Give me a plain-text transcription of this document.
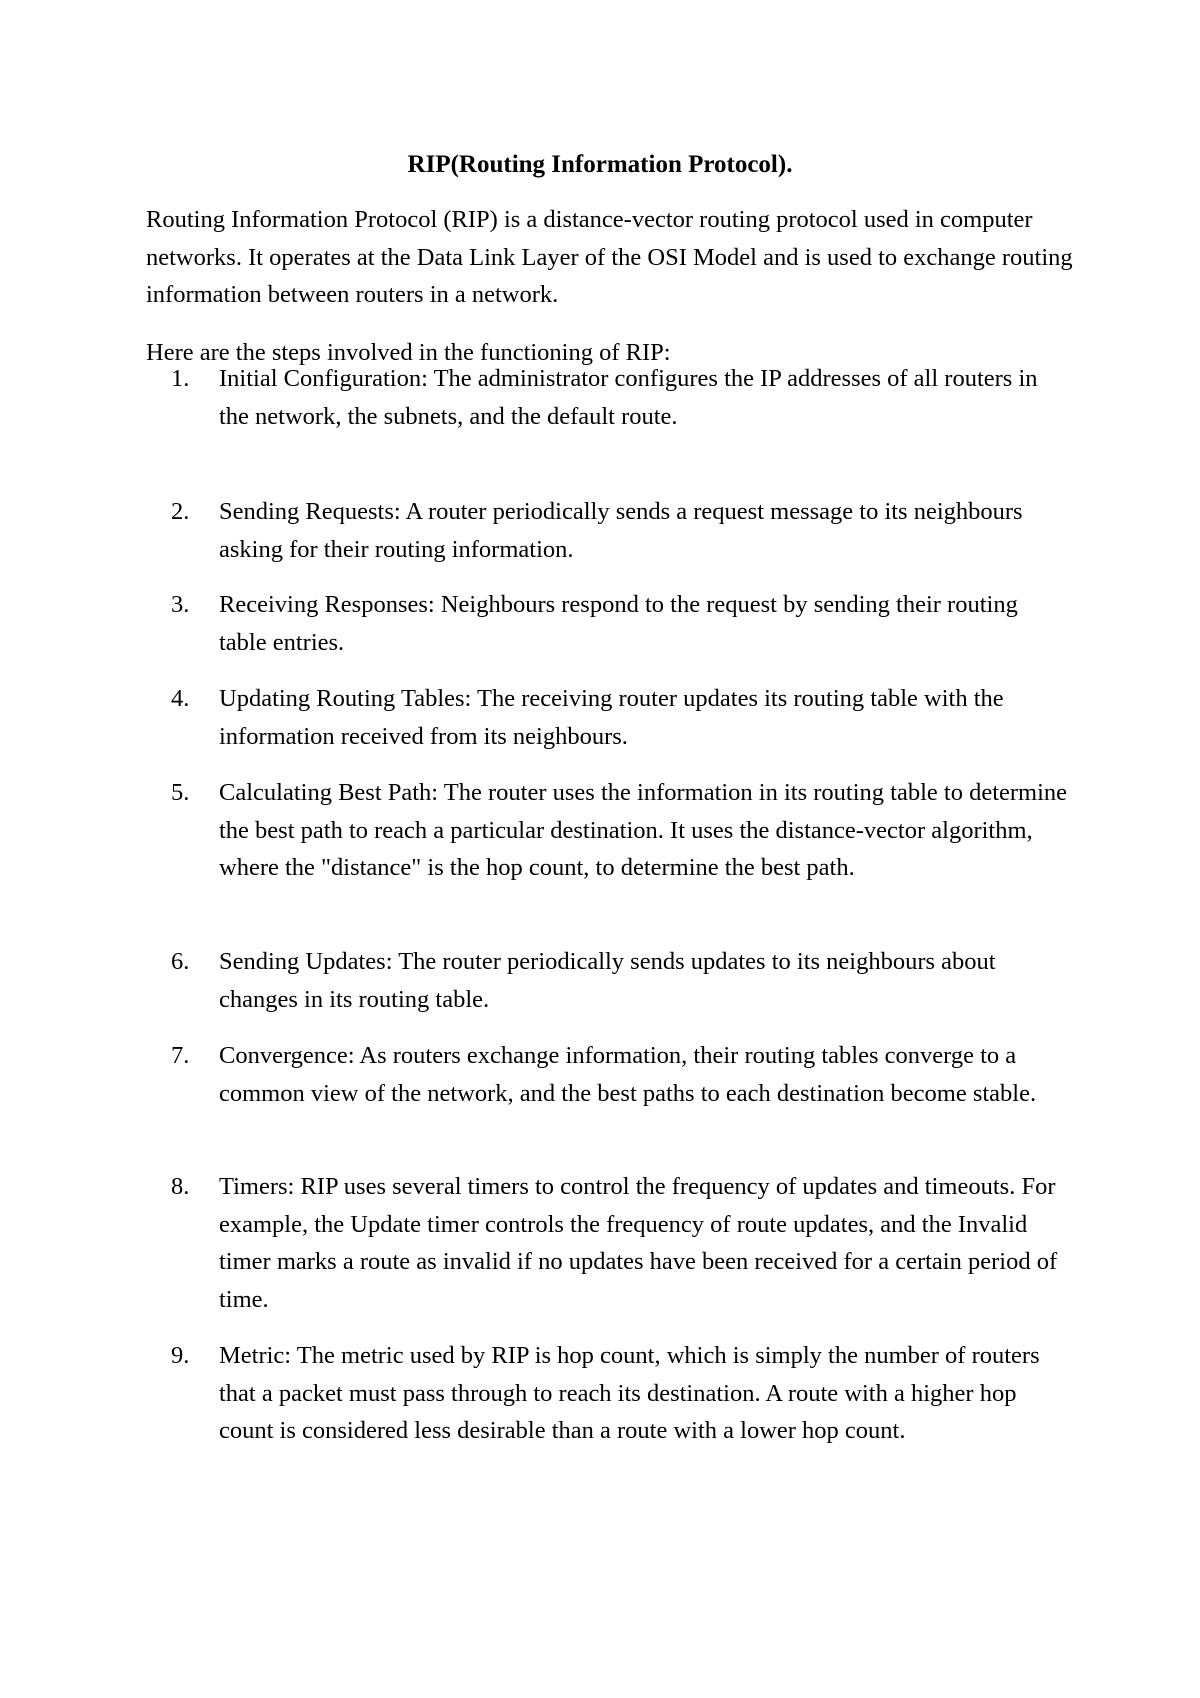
RIP(Routing Information Protocol).

Routing Information Protocol (RIP) is a distance-vector routing protocol used in computer networks. It operates at the Data Link Layer of the OSI Model and is used to exchange routing information between routers in a network.

Here are the steps involved in the functioning of RIP:

1.	Initial Configuration: The administrator configures the IP addresses of all routers in the network, the subnets, and the default route.
2.	Sending Requests: A router periodically sends a request message to its neighbours asking for their routing information.
3.	Receiving Responses: Neighbours respond to the request by sending their routing table entries.
4.	Updating Routing Tables: The receiving router updates its routing table with the information received from its neighbours.
5.	Calculating Best Path: The router uses the information in its routing table to determine the best path to reach a particular destination. It uses the distance-vector algorithm, where the "distance" is the hop count, to determine the best path.
6.	Sending Updates: The router periodically sends updates to its neighbours about changes in its routing table.
7.	Convergence: As routers exchange information, their routing tables converge to a common view of the network, and the best paths to each destination become stable.
8.	Timers: RIP uses several timers to control the frequency of updates and timeouts. For example, the Update timer controls the frequency of route updates, and the Invalid timer marks a route as invalid if no updates have been received for a certain period of time.
9.	Metric: The metric used by RIP is hop count, which is simply the number of routers that a packet must pass through to reach its destination. A route with a higher hop count is considered less desirable than a route with a lower hop count.
